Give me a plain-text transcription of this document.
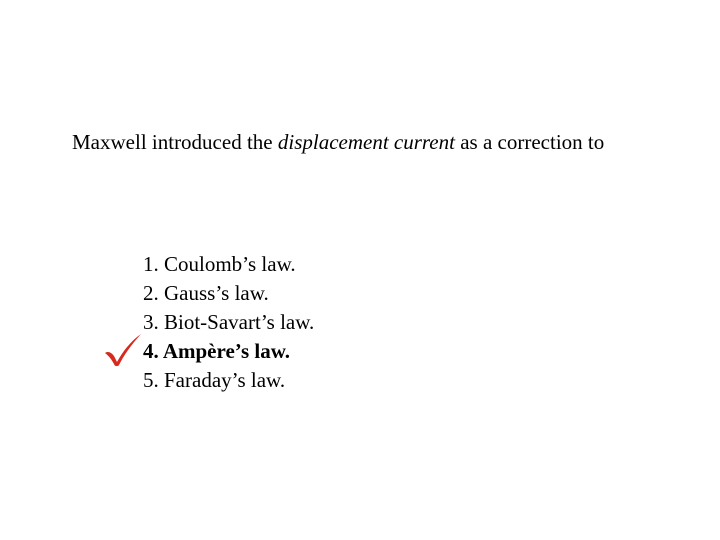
Maxwell introduced the displacement current as a correction to
1. Coulomb’s law.
2. Gauss’s law.
3. Biot-Savart’s law.
4. Ampère’s law.
5. Faraday’s law.
